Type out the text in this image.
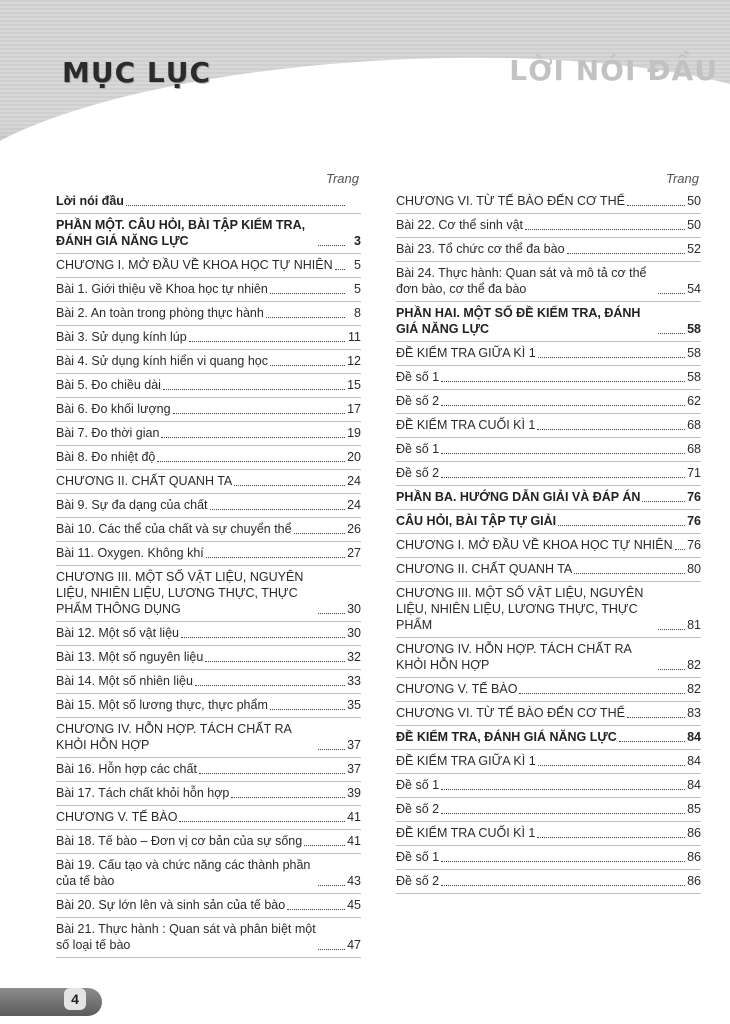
MỤC LỤC	LỜI NÓI ĐẦU
Trang
Lời nói đầu
PHẦN MỘT. CÂU HỎI, BÀI TẬP KIỂM TRA, ĐÁNH GIÁ NĂNG LỰC	3
CHƯƠNG I. MỞ ĐẦU VỀ KHOA HỌC TỰ NHIÊN	5
Bài 1. Giới thiệu về Khoa học tự nhiên	5
Bài 2. An toàn trong phòng thực hành	8
Bài 3. Sử dụng kính lúp	11
Bài 4. Sử dụng kính hiển vi quang học	12
Bài 5. Đo chiều dài	15
Bài 6. Đo khối lượng	17
Bài 7. Đo thời gian	19
Bài 8. Đo nhiệt độ	20
CHƯƠNG II. CHẤT QUANH TA	24
Bài 9. Sự đa dạng của chất	24
Bài 10. Các thể của chất và sự chuyển thể	26
Bài 11. Oxygen. Không khí	27
CHƯƠNG III. MỘT SỐ VẬT LIỆU, NGUYÊN LIỆU, NHIÊN LIỆU, LƯƠNG THỰC, THỰC PHẨM THÔNG DỤNG	30
Bài 12. Một số vật liệu	30
Bài 13. Một số nguyên liệu	32
Bài 14. Một số nhiên liệu	33
Bài 15. Một số lương thực, thực phẩm	35
CHƯƠNG IV. HỖN HỢP. TÁCH CHẤT RA KHỎI HỖN HỢP	37
Bài 16. Hỗn hợp các chất	37
Bài 17. Tách chất khỏi hỗn hợp	39
CHƯƠNG V. TẾ BÀO	41
Bài 18. Tế bào – Đơn vị cơ bản của sự sống	41
Bài 19. Cấu tạo và chức năng các thành phần của tế bào	43
Bài 20. Sự lớn lên và sinh sản của tế bào	45
Bài 21. Thực hành : Quan sát và phân biệt một số loại tế bào	47
Trang
CHƯƠNG VI. TỪ TẾ BÀO ĐẾN CƠ THỂ	50
Bài 22. Cơ thể sinh vật	50
Bài 23. Tổ chức cơ thể đa bào	52
Bài 24. Thực hành: Quan sát và mô tả cơ thể đơn bào, cơ thể đa bào	54
PHẦN HAI. MỘT SỐ ĐỀ KIỂM TRA, ĐÁNH GIÁ NĂNG LỰC	58
ĐỀ KIỂM TRA GIỮA KÌ 1	58
Đề số 1	58
Đề số 2	62
ĐỀ KIỂM TRA CUỐI KÌ 1	68
Đề số 1	68
Đề số 2	71
PHẦN BA. HƯỚNG DẪN GIẢI VÀ ĐÁP ÁN	76
CÂU HỎI, BÀI TẬP TỰ GIẢI	76
CHƯƠNG I. MỞ ĐẦU VỀ KHOA HỌC TỰ NHIÊN 76
CHƯƠNG II. CHẤT QUANH TA	80
CHƯƠNG III. MỘT SỐ VẬT LIỆU, NGUYÊN LIỆU, NHIÊN LIỆU, LƯƠNG THỰC, THỰC PHẨM	81
CHƯƠNG IV. HỖN HỢP. TÁCH CHẤT RA KHỎI HỖN HỢP	82
CHƯƠNG V. TẾ BÀO	82
CHƯƠNG VI. TỪ TẾ BÀO ĐẾN CƠ THỂ	83
ĐỀ KIỂM TRA, ĐÁNH GIÁ NĂNG LỰC	84
ĐỀ KIỂM TRA GIỮA KÌ 1	84
Đề số 1	84
Đề số 2	85
ĐỀ KIỂM TRA CUỐI KÌ 1	86
Đề số 1	86
Đề số 2	86
4
